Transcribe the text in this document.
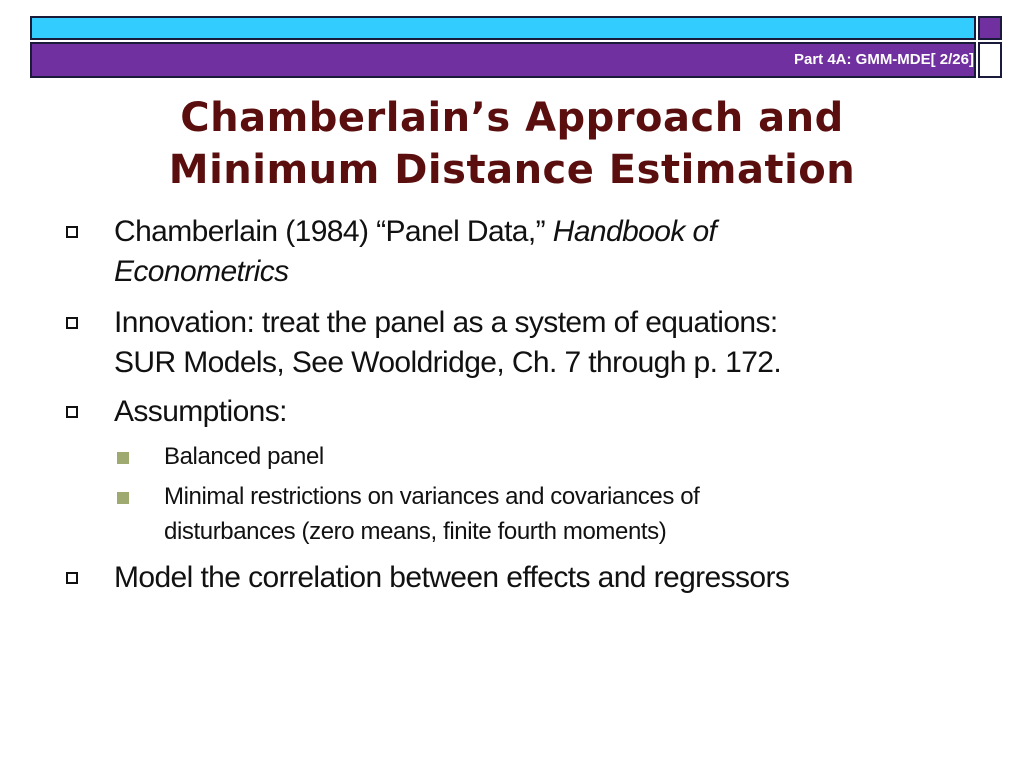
Part 4A: GMM-MDE[ 2/26]
Chamberlain’s Approach and
Minimum Distance Estimation
Chamberlain (1984) “Panel Data,” Handbook of
Econometrics
Innovation: treat the panel as a system of equations:
SUR Models, See Wooldridge, Ch. 7 through p. 172.
Assumptions:
Balanced panel
Minimal restrictions on variances and covariances of
disturbances (zero means, finite fourth moments)
Model the correlation between effects and regressors
